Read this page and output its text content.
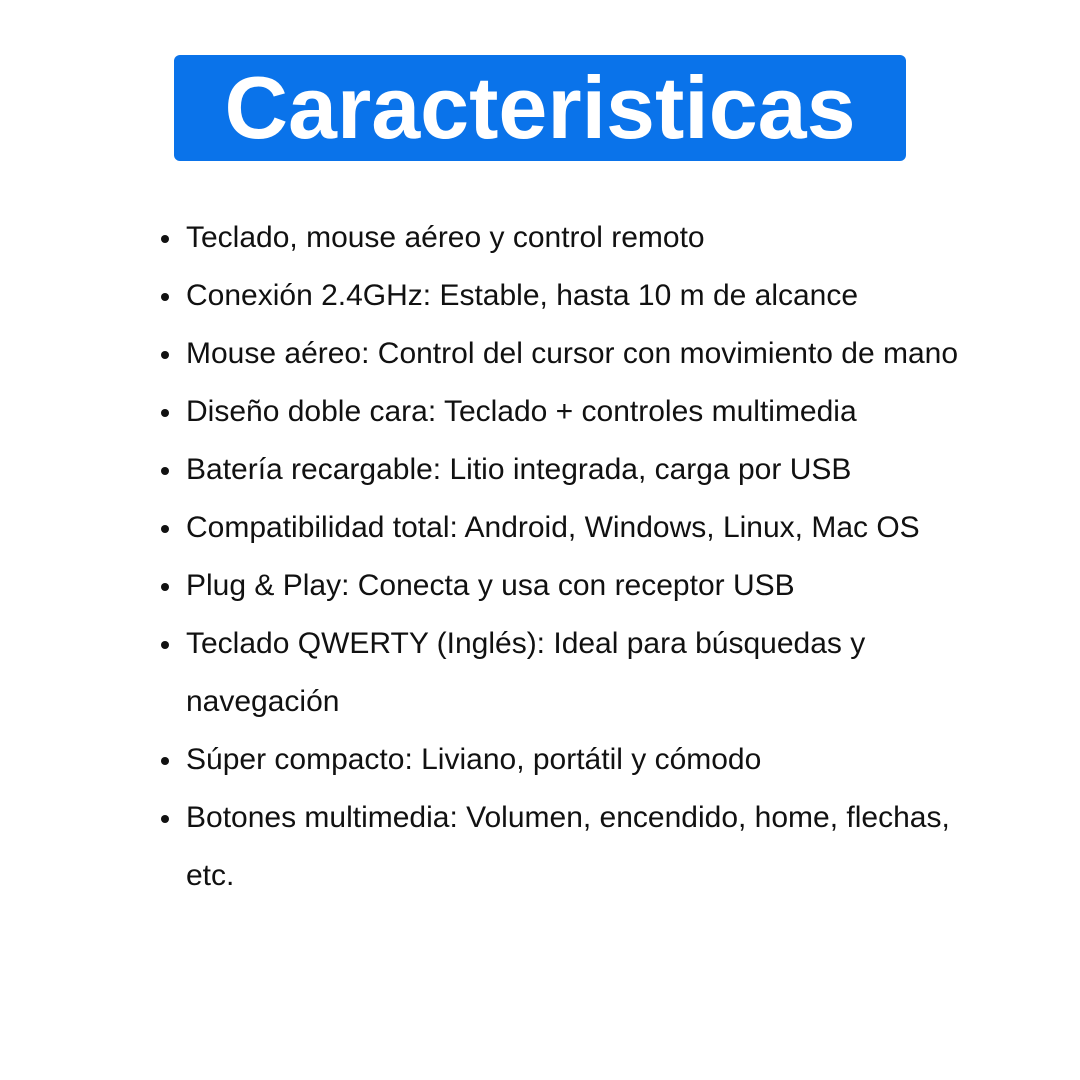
Caracteristicas
Teclado, mouse aéreo y control remoto
Conexión 2.4GHz: Estable, hasta 10 m de alcance
Mouse aéreo: Control del cursor con movimiento de mano
Diseño doble cara: Teclado + controles multimedia
Batería recargable: Litio integrada, carga por USB
Compatibilidad total: Android, Windows, Linux, Mac OS
Plug & Play: Conecta y usa con receptor USB
Teclado QWERTY (Inglés): Ideal para búsquedas y navegación
Súper compacto: Liviano, portátil y cómodo
Botones multimedia: Volumen, encendido, home, flechas, etc.
